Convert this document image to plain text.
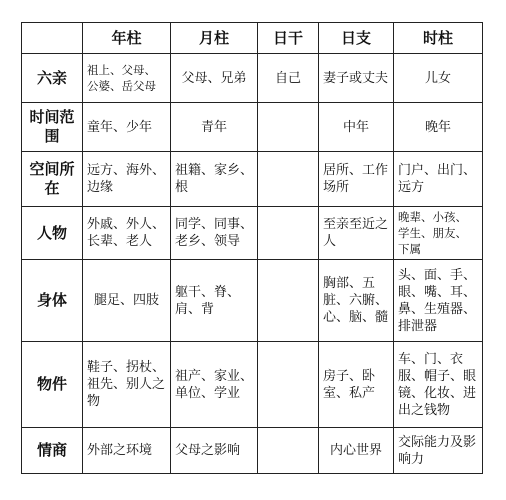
	年柱	月柱	日干	日支	时柱
六亲	祖上、父母、公婆、岳父母	父母、兄弟	自己	妻子或丈夫	儿女
时间范围	童年、少年	青年		中年	晚年
空间所在	远方、海外、边缘	祖籍、家乡、根		居所、工作场所	门户、出门、远方
人物	外戚、外人、长辈、老人	同学、同事、老乡、领导		至亲至近之人	晚辈、小孩、学生、朋友、下属
身体	腿足、四肢	躯干、脊、肩、背		胸部、五脏、六腑、心、脑、髓	头、面、手、眼、嘴、耳、鼻、生殖器、排泄器
物件	鞋子、拐杖、祖先、别人之物	祖产、家业、单位、学业		房子、卧室、私产	车、门、衣服、帽子、眼镜、化妆、进出之钱物
情商	外部之环境	父母之影响		内心世界	交际能力及影响力
